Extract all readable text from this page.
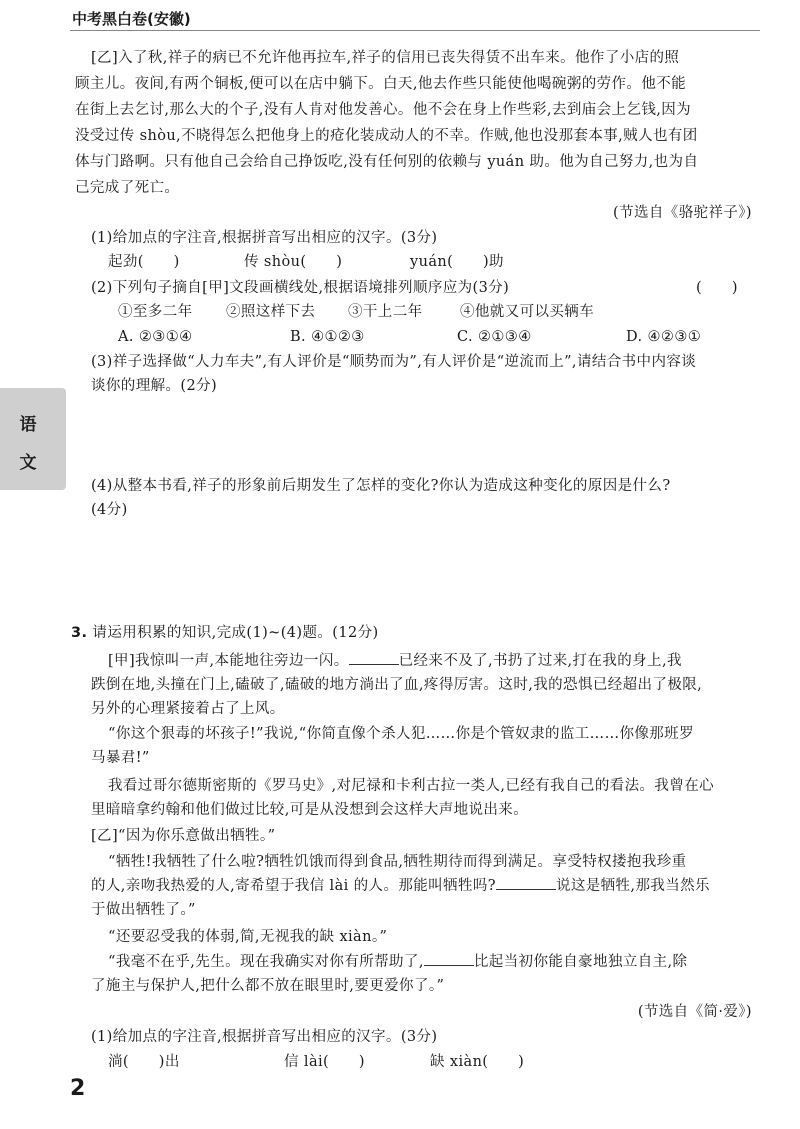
中考黑白卷(安徽)
语
文
[乙]入了秋,祥子的病已不允许他再拉车,祥子的信用已丧失得赁不出车来。他作了小店的照
顾主儿。夜间,有两个铜板,便可以在店中躺下。白天,他去作些只能使他喝碗粥的劳作。他不能
在街上去乞讨,那么大的个子,没有人肯对他发善心。他不会在身上作些彩,去到庙会上乞钱,因为
没受过传 shòu,不晓得怎么把他身上的疮化装成动人的不幸。作贼,他也没那套本事,贼人也有团
体与门路啊。只有他自己会给自己挣饭吃,没有任何别的依赖与 yuán 助。他为自己努力,也为自
己完成了死亡。
(节选自《骆驼祥子》)
(1)给加点的字注音,根据拼音写出相应的汉字。(3分)
起劲(　　)	传 shòu(　　)	yuán(　　)助
(2)下列句子摘自[甲]文段画横线处,根据语境排列顺序应为(3分)	(　　)
①至多二年 ②照这样下去 ③干上二年	④他就又可以买辆车
A. ②③①④	B. ④①②③	C. ②①③④	D. ④②③①
(3)祥子选择做“人力车夫”,有人评价是“顺势而为”,有人评价是“逆流而上”,请结合书中内容谈
谈你的理解。(2分)
(4)从整本书看,祥子的形象前后期发生了怎样的变化?你认为造成这种变化的原因是什么?
(4分)
3. 请运用积累的知识,完成(1)~(4)题。(12分)
[甲]我惊叫一声,本能地往旁边一闪。	已经来不及了,书扔了过来,打在我的身上,我
跌倒在地,头撞在门上,磕破了,磕破的地方淌出了血,疼得厉害。这时,我的恐惧已经超出了极限,
另外的心理紧接着占了上风。
“你这个狠毒的坏孩子!”我说,“你简直像个杀人犯……你是个管奴隶的监工……你像那班罗
马暴君!”
我看过哥尔德斯密斯的《罗马史》,对尼禄和卡利古拉一类人,已经有我自己的看法。我曾在心
里暗暗拿约翰和他们做过比较,可是从没想到会这样大声地说出来。
[乙]“因为你乐意做出牺牲。”
“牺牲!我牺牲了什么啦?牺牲饥饿而得到食品,牺牲期待而得到满足。享受特权搂抱我珍重
的人,亲吻我热爱的人,寄希望于我信 lài 的人。那能叫牺牲吗?	说这是牺牲,那我当然乐
于做出牺牲了。”
“还要忍受我的体弱,简,无视我的缺 xiàn。”
“我毫不在乎,先生。现在我确实对你有所帮助了,	比起当初你能自豪地独立自主,除
了施主与保护人,把什么都不放在眼里时,要更爱你了。”
(节选自《简·爱》)
(1)给加点的字注音,根据拼音写出相应的汉字。(3分)
淌(　　)出	信 lài(　　)	缺 xiàn(　　)
2
